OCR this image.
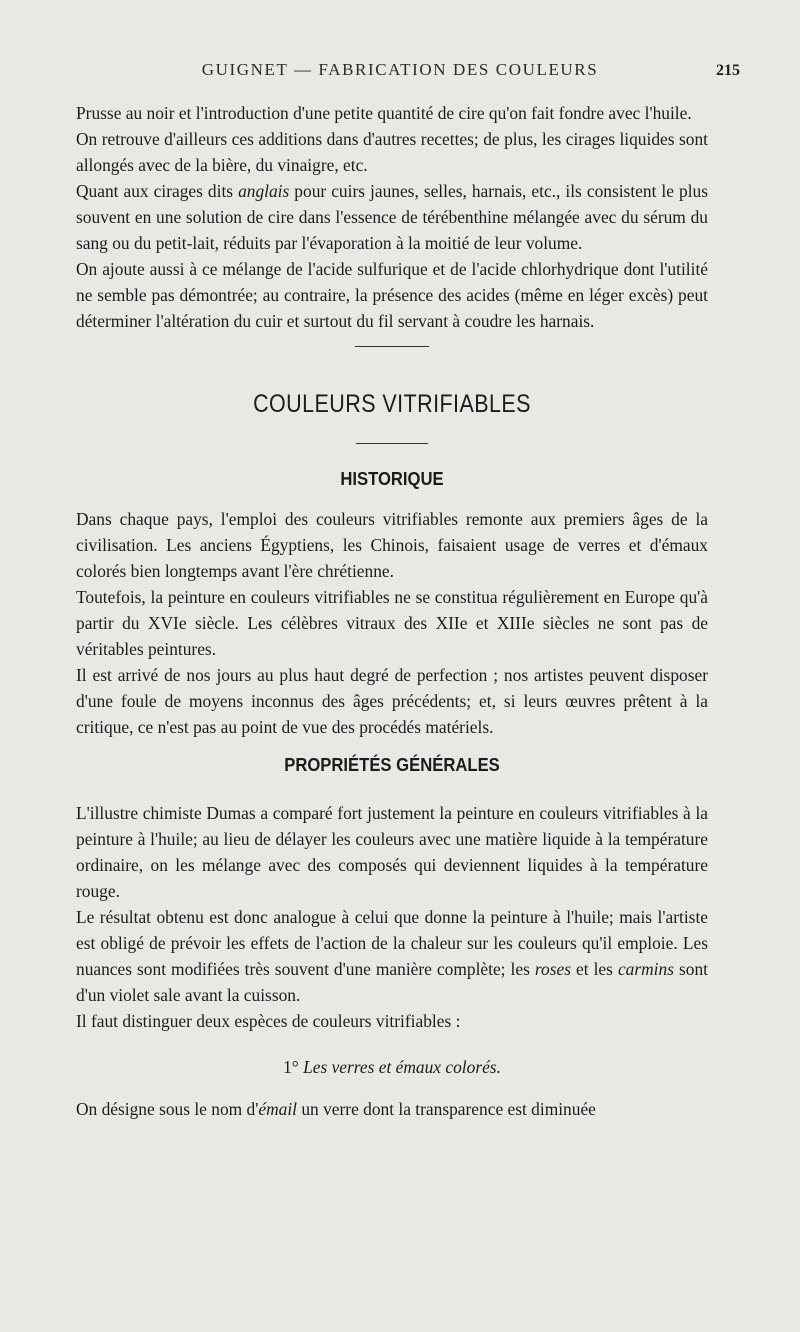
GUIGNET — FABRICATION DES COULEURS	215

Prusse au noir et l'introduction d'une petite quantité de cire qu'on fait fondre avec l'huile.

On retrouve d'ailleurs ces additions dans d'autres recettes; de plus, les cirages liquides sont allongés avec de la bière, du vinaigre, etc.

Quant aux cirages dits anglais pour cuirs jaunes, selles, harnais, etc., ils consistent le plus souvent en une solution de cire dans l'essence de térébenthine mélangée avec du sérum du sang ou du petit-lait, réduits par l'évaporation à la moitié de leur volume.

On ajoute aussi à ce mélange de l'acide sulfurique et de l'acide chlorhydrique dont l'utilité ne semble pas démontrée; au contraire, la présence des acides (même en léger excès) peut déterminer l'altération du cuir et surtout du fil servant à coudre les harnais.

COULEURS VITRIFIABLES
HISTORIQUE

Dans chaque pays, l'emploi des couleurs vitrifiables remonte aux premiers âges de la civilisation. Les anciens Égyptiens, les Chinois, faisaient usage de verres et d'émaux colorés bien longtemps avant l'ère chrétienne.

Toutefois, la peinture en couleurs vitrifiables ne se constitua régulièrement en Europe qu'à partir du XVIe siècle. Les célèbres vitraux des XIIe et XIIIe siècles ne sont pas de véritables peintures.

Il est arrivé de nos jours au plus haut degré de perfection ; nos artistes peuvent disposer d'une foule de moyens inconnus des âges précédents; et, si leurs œuvres prêtent à la critique, ce n'est pas au point de vue des procédés matériels.

PROPRIÉTÉS GÉNÉRALES

L'illustre chimiste Dumas a comparé fort justement la peinture en couleurs vitrifiables à la peinture à l'huile; au lieu de délayer les couleurs avec une matière liquide à la température ordinaire, on les mélange avec des composés qui deviennent liquides à la température rouge.

Le résultat obtenu est donc analogue à celui que donne la peinture à l'huile; mais l'artiste est obligé de prévoir les effets de l'action de la chaleur sur les couleurs qu'il emploie. Les nuances sont modifiées très souvent d'une manière complète; les roses et les carmins sont d'un violet sale avant la cuisson.

Il faut distinguer deux espèces de couleurs vitrifiables :

1° Les verres et émaux colorés.

On désigne sous le nom d'émail un verre dont la transparence est diminuée
